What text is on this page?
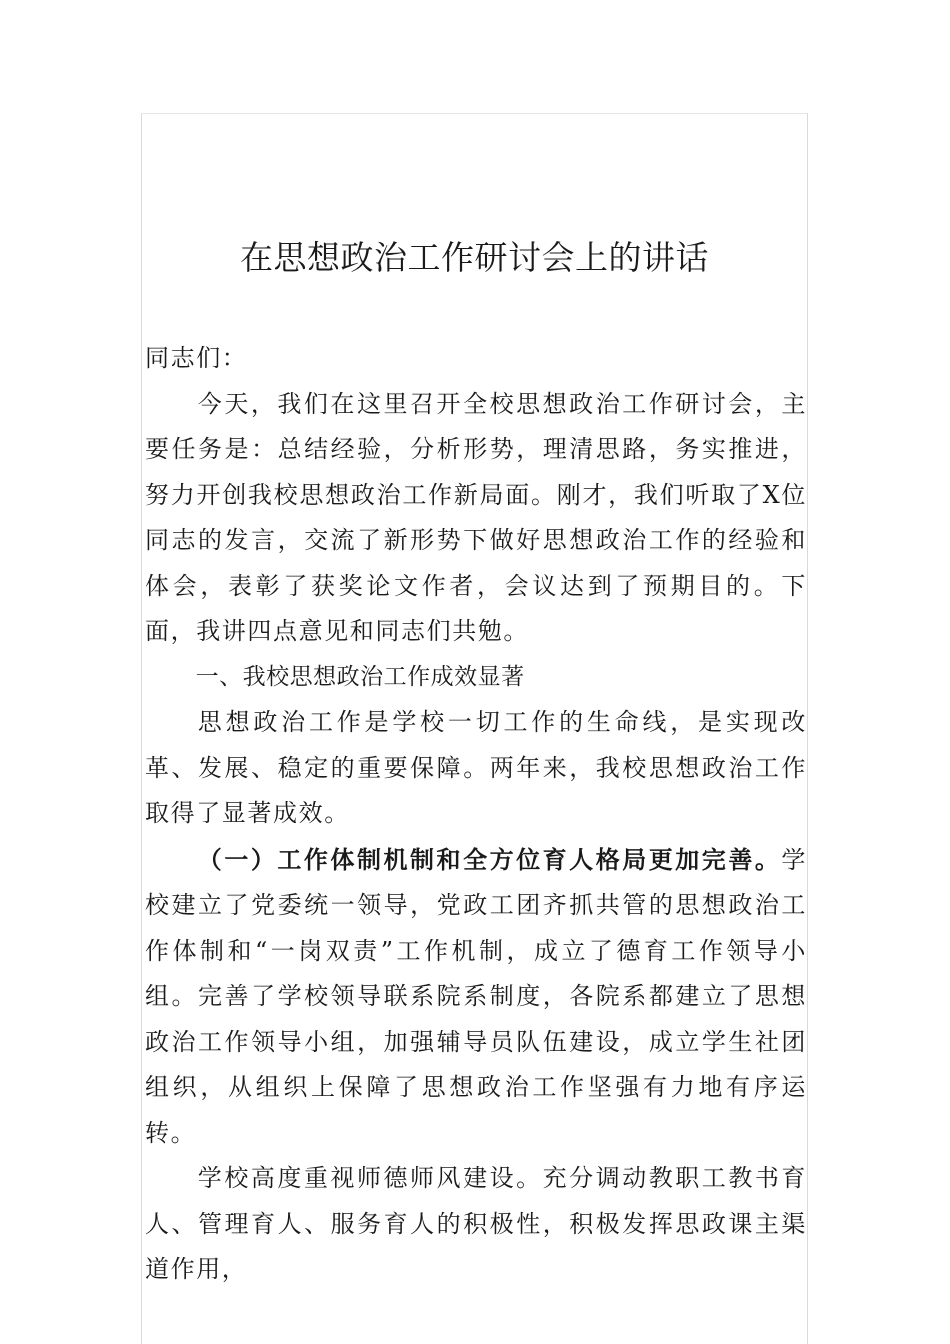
在思想政治工作研讨会上的讲话

同志们：

今天，我们在这里召开全校思想政治工作研讨会，主要任务是：总结经验，分析形势，理清思路，务实推进，努力开创我校思想政治工作新局面。刚才，我们听取了X位同志的发言，交流了新形势下做好思想政治工作的经验和体会，表彰了获奖论文作者，会议达到了预期目的。下面，我讲四点意见和同志们共勉。

一、我校思想政治工作成效显著

思想政治工作是学校一切工作的生命线，是实现改革、发展、稳定的重要保障。两年来，我校思想政治工作取得了显著成效。

（一）工作体制机制和全方位育人格局更加完善。学校建立了党委统一领导，党政工团齐抓共管的思想政治工作体制和“一岗双责”工作机制，成立了德育工作领导小组。完善了学校领导联系院系制度，各院系都建立了思想政治工作领导小组，加强辅导员队伍建设，成立学生社团组织，从组织上保障了思想政治工作坚强有力地有序运转。

学校高度重视师德师风建设。充分调动教职工教书育人、管理育人、服务育人的积极性，积极发挥思政课主渠道作用，
